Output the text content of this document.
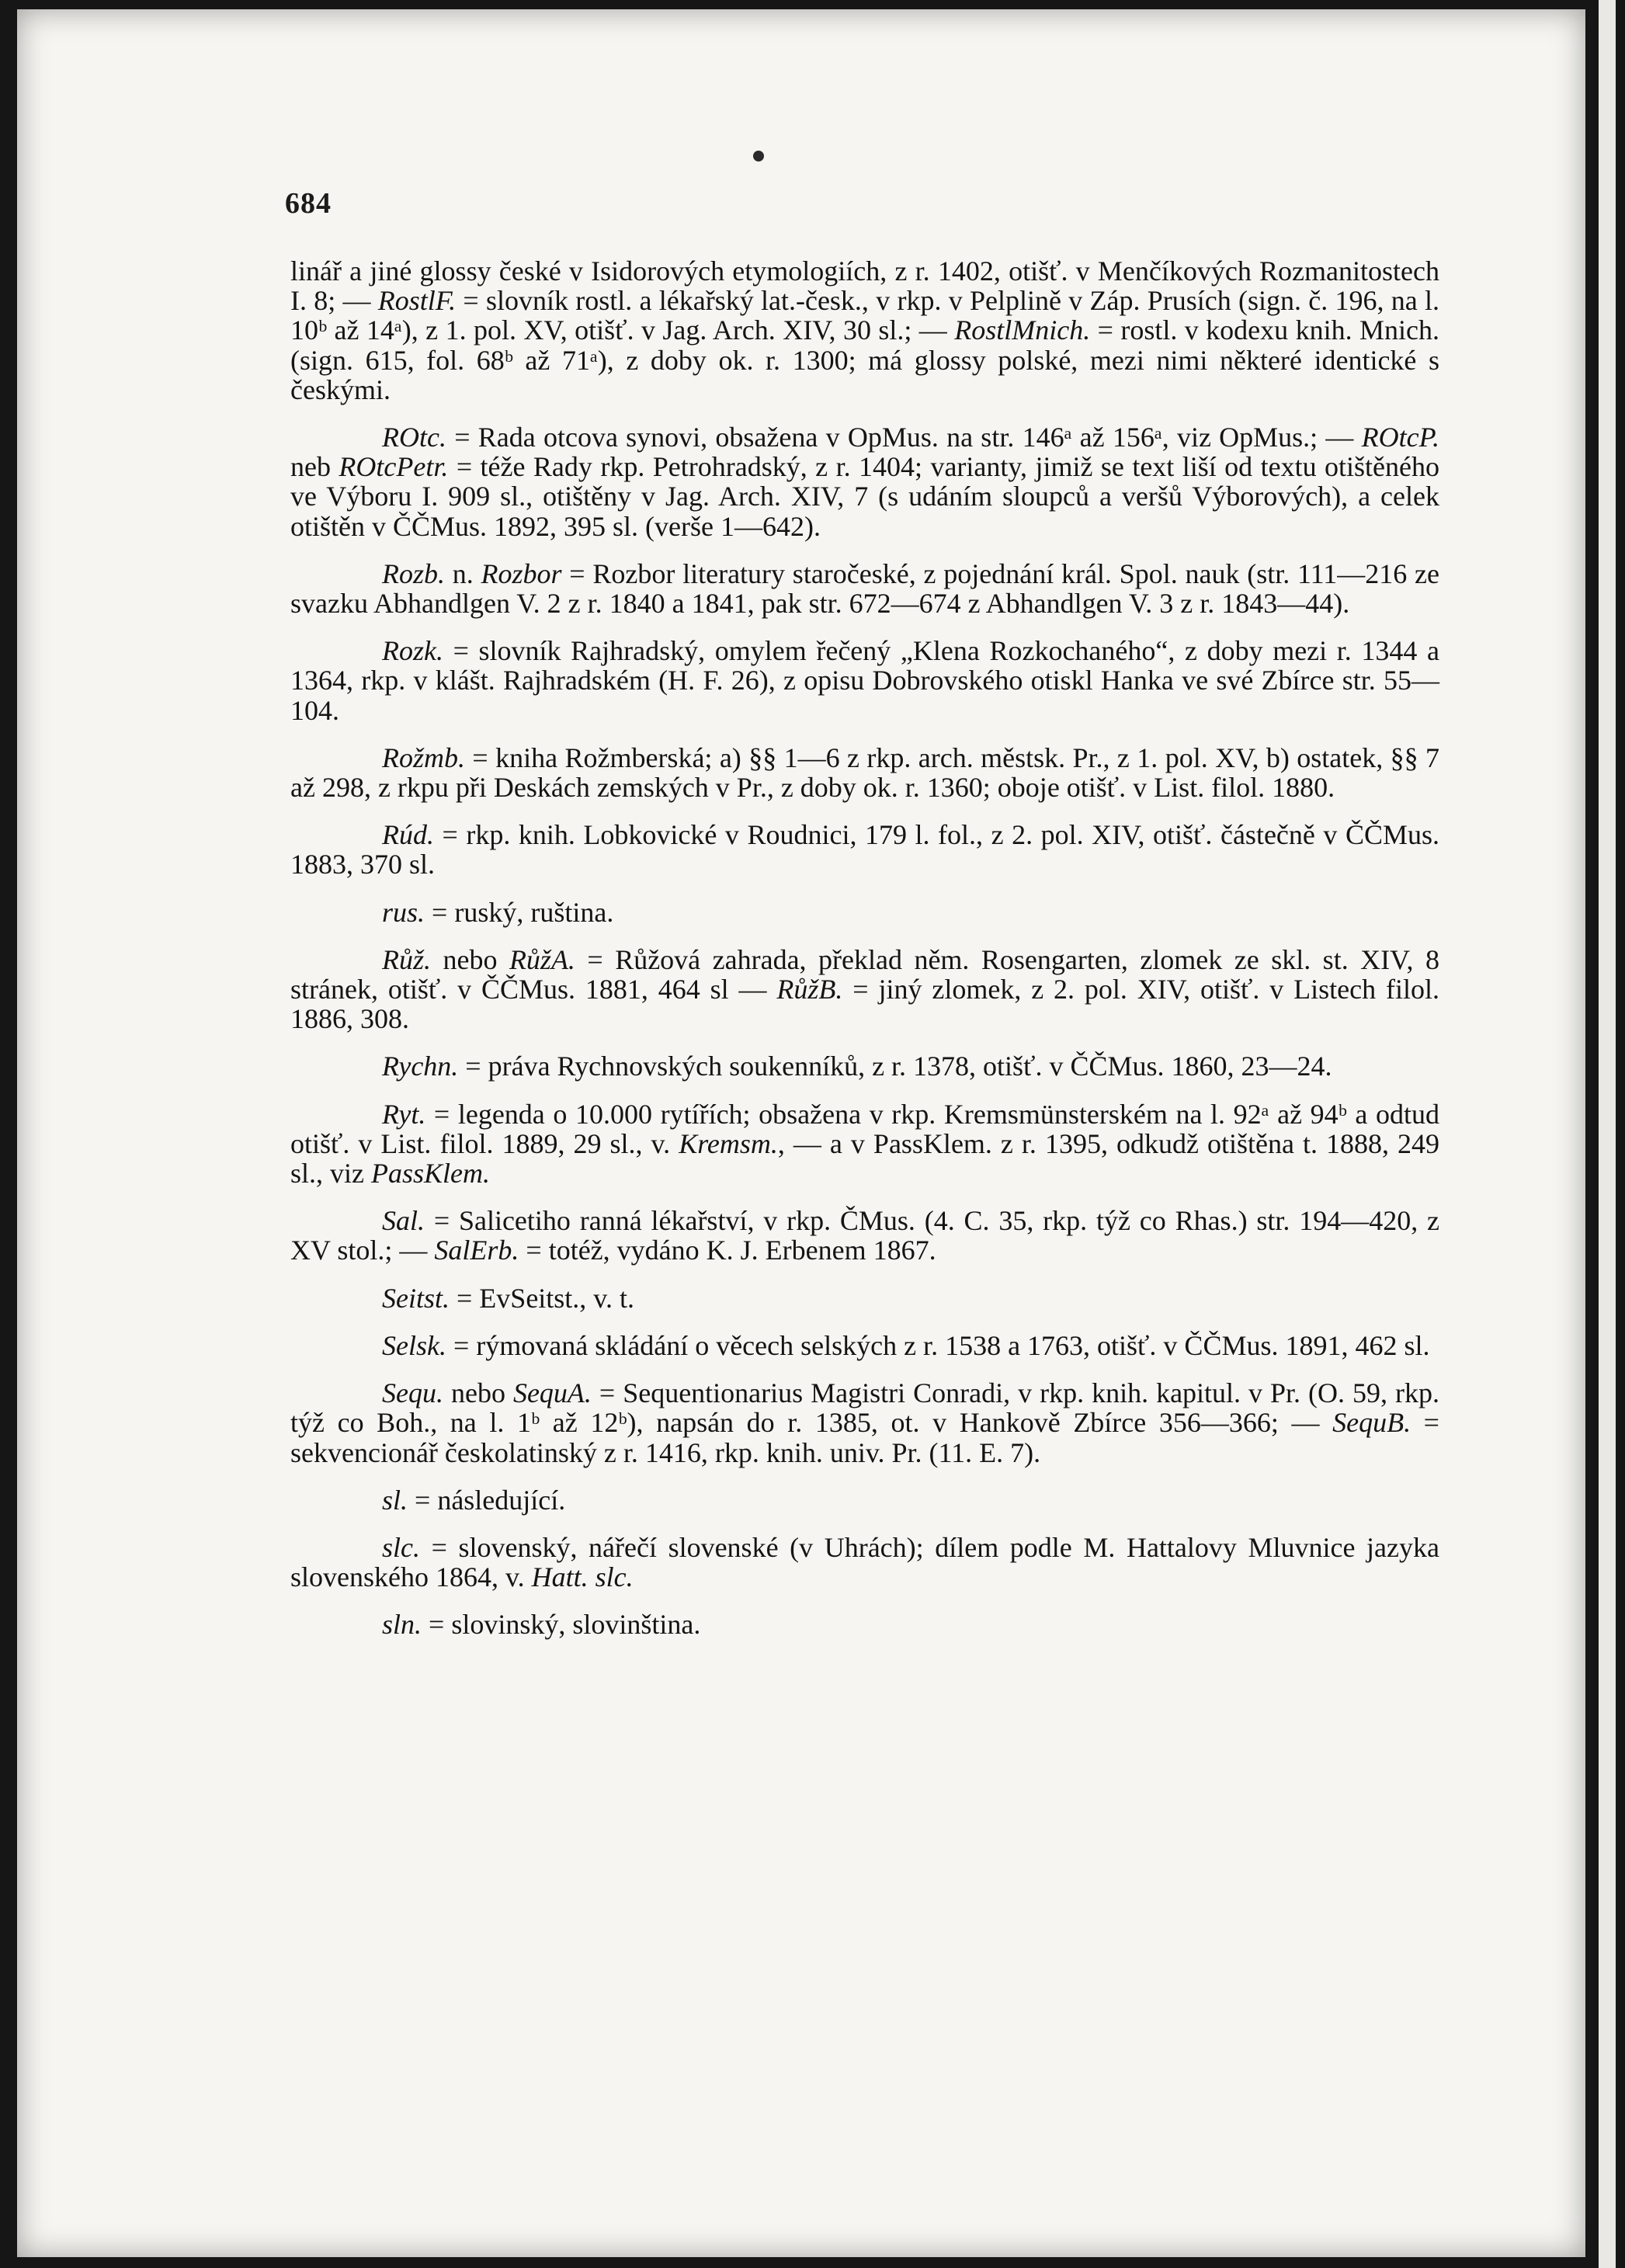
684

linář a jiné glossy české v Isidorových etymologiích, z r. 1402, otišť. v Menčíkových Rozmanitostech I. 8; — RostlF. = slovník rostl. a lékařský lat.-česk., v rkp. v Pelplině v Záp. Prusích (sign. č. 196, na l. 10ᵇ až 14ᵃ), z 1. pol. XV, otišť. v Jag. Arch. XIV, 30 sl.; — RostlMnich. = rostl. v kodexu knih. Mnich. (sign. 615, fol. 68ᵇ až 71ᵃ), z doby ok. r. 1300; má glossy polské, mezi nimi některé identické s českými.

ROtc. = Rada otcova synovi, obsažena v OpMus. na str. 146ᵃ až 156ᵃ, viz OpMus.; — ROtcP. neb ROtcPetr. = téže Rady rkp. Petrohradský, z r. 1404; varianty, jimiž se text liší od textu otištěného ve Výboru I. 909 sl., otištěny v Jag. Arch. XIV, 7 (s udáním sloupců a veršů Výborových), a celek otištěn v ČČMus. 1892, 395 sl. (verše 1—642).

Rozb. n. Rozbor = Rozbor literatury staročeské, z pojednání král. Spol. nauk (str. 111—216 ze svazku Abhandlgen V. 2 z r. 1840 a 1841, pak str. 672—674 z Abhandlgen V. 3 z r. 1843—44).

Rozk. = slovník Rajhradský, omylem řečený „Klena Rozkochaného“, z doby mezi r. 1344 a 1364, rkp. v klášt. Rajhradském (H. F. 26), z opisu Dobrovského otiskl Hanka ve své Zbírce str. 55—104.

Rožmb. = kniha Rožmberská; a) §§ 1—6 z rkp. arch. městsk. Pr., z 1. pol. XV, b) ostatek, §§ 7 až 298, z rkpu při Deskách zemských v Pr., z doby ok. r. 1360; oboje otišť. v List. filol. 1880.

Rúd. = rkp. knih. Lobkovické v Roudnici, 179 l. fol., z 2. pol. XIV, otišť. částečně v ČČMus. 1883, 370 sl.

rus. = ruský, ruština.

Růž. nebo RůžA. = Růžová zahrada, překlad něm. Rosengarten, zlomek ze skl. st. XIV, 8 stránek, otišť. v ČČMus. 1881, 464 sl — RůžB. = jiný zlomek, z 2. pol. XIV, otišť. v Listech filol. 1886, 308.

Rychn. = práva Rychnovských soukenníků, z r. 1378, otišť. v ČČMus. 1860, 23—24.

Ryt. = legenda o 10.000 rytířích; obsažena v rkp. Kremsmünsterském na l. 92ᵃ až 94ᵇ a odtud otišť. v List. filol. 1889, 29 sl., v. Kremsm., — a v PassKlem. z r. 1395, odkudž otištěna t. 1888, 249 sl., viz PassKlem.

Sal. = Salicetiho ranná lékařství, v rkp. ČMus. (4. C. 35, rkp. týž co Rhas.) str. 194—420, z XV stol.; — SalErb. = totéž, vydáno K. J. Erbenem 1867.

Seitst. = EvSeitst., v. t.

Selsk. = rýmovaná skládání o věcech selských z r. 1538 a 1763, otišť. v ČČMus. 1891, 462 sl.

Sequ. nebo SequA. = Sequentionarius Magistri Conradi, v rkp. knih. kapitul. v Pr. (O. 59, rkp. týž co Boh., na l. 1ᵇ až 12ᵇ), napsán do r. 1385, ot. v Hankově Zbírce 356—366; — SequB. = sekvencionář českolatinský z r. 1416, rkp. knih. univ. Pr. (11. E. 7).

sl. = následující.

slc. = slovenský, nářečí slovenské (v Uhrách); dílem podle M. Hattalovy Mluvnice jazyka slovenského 1864, v. Hatt. slc.

sln. = slovinský, slovinština.
